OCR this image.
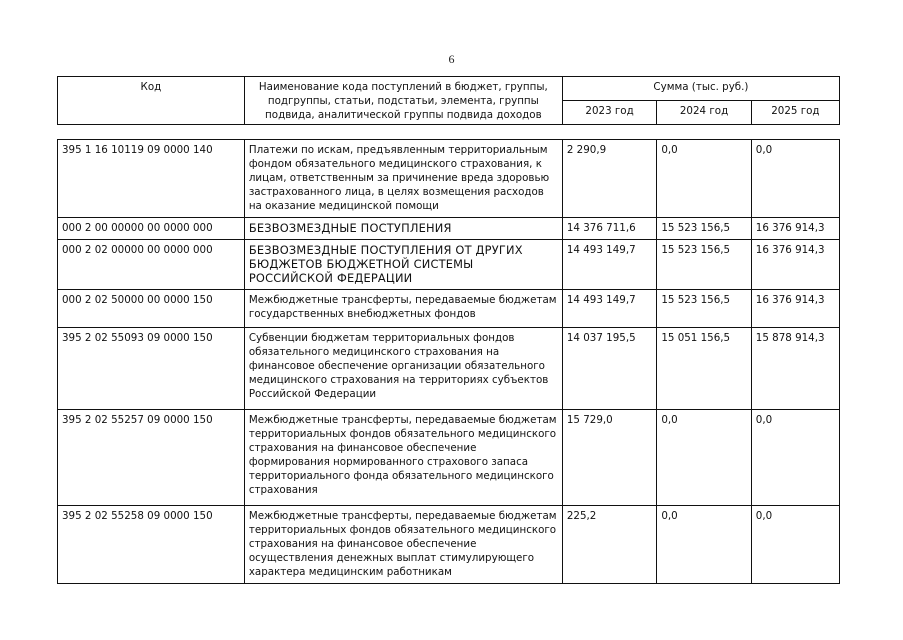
6
Код	Наименование кода поступлений в бюджет, группы, подгруппы, статьи, подстатьи, элемента, группы подвида, аналитической группы подвида доходов	Сумма (тыс. руб.)		
		2023 год	2024 год	2025 год

395 1 16 10119 09 0000 140	Платежи по искам, предъявленным территориальным фондом обязательного медицинского страхования, к лицам, ответственным за причинение вреда здоровью застрахованного лица, в целях возмещения расходов на оказание медицинской помощи	2 290,9	0,0	0,0
000 2 00 00000 00 0000 000	БЕЗВОЗМЕЗДНЫЕ ПОСТУПЛЕНИЯ	14 376 711,6	15 523 156,5	16 376 914,3
000 2 02 00000 00 0000 000	БЕЗВОЗМЕЗДНЫЕ ПОСТУПЛЕНИЯ ОТ ДРУГИХ БЮДЖЕТОВ БЮДЖЕТНОЙ СИСТЕМЫ РОССИЙСКОЙ ФЕДЕРАЦИИ	14 493 149,7	15 523 156,5	16 376 914,3
000 2 02 50000 00 0000 150	Межбюджетные трансферты, передаваемые бюджетам государственных внебюджетных фондов	14 493 149,7	15 523 156,5	16 376 914,3
395 2 02 55093 09 0000 150	Субвенции бюджетам территориальных фондов обязательного медицинского страхования на финансовое обеспечение организации обязательного медицинского страхования на территориях субъектов Российской Федерации	14 037 195,5	15 051 156,5	15 878 914,3
395 2 02 55257 09 0000 150	Межбюджетные трансферты, передаваемые бюджетам территориальных фондов обязательного медицинского страхования на финансовое обеспечение формирования нормированного страхового запаса территориального фонда обязательного медицинского страхования	15 729,0	0,0	0,0
395 2 02 55258 09 0000 150	Межбюджетные трансферты, передаваемые бюджетам территориальных фондов обязательного медицинского страхования на финансовое обеспечение осуществления денежных выплат стимулирующего характера медицинским работникам	225,2	0,0	0,0
